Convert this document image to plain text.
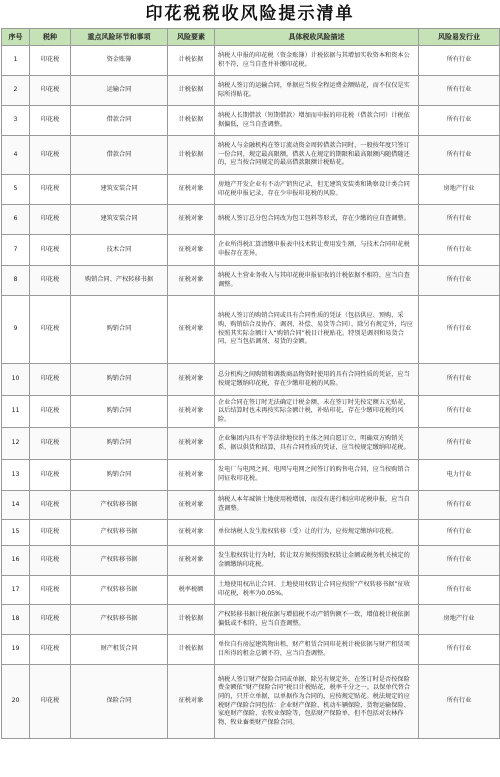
印花税税收风险提示清单
序号	税种	重点风险环节和事项	风险要素	具体税收风险描述	风险易发行业
1	印花税	资金账簿	计税依据	纳税人申报的印花税（资金账簿）计税依据与其增加实收资本和资本公积不符，应当自查并补缴印花税。	所有行业
2	印花税	运输合同	计税依据	纳税人签订的运输合同，单据应当按全程运费金额贴花，而不仅仅是实际所得贴花。	所有行业
3	印花税	借款合同	计税依据	纳税人长期借款（短期借款）增加而申报的印花税（借款合同）计税依据偏低，应当自查调整。	所有行业
4	印花税	借款合同	计税依据	纳税人与金融机构在签订流动资金周转借款合同时，一般按年度只签订一份合同，规定最高限额，借款人在规定的期限和最高限额内随借随还的，应当按合同规定的最高借款限额计税贴花。	所有行业
5	印花税	建筑安装合同	征税对象	房地产开发企业有不动产销售记录，但无建筑安装类和勘察设计类合同印花税申报记录，存在少申报印花税的风险。	房地产行业
6	印花税	建筑安装合同	征税对象	纳税人签订总分包合同改为包工包料等形式，存在少缴的应自查调整。	所有行业
7	印花税	技术合同	征税对象	企业所得税汇算清缴申报表中技术转让费用发生额，与技术合同印花税申报存在差异。	所有行业
8	印花税	购销合同、产权转移书据	征税对象	纳税人主营业务收入与其印花税申报征收的计税依据不相符，应当自查调整。	所有行业
9	印花税	购销合同	征税对象	纳税人签订的购销合同或具有合同性质的凭证（包括供应、预购、采购、购销结合及协作、调剂、补偿、易货等合同），除另有规定外，均应按照其实际金额计入“购销合同”税目计税贴花。特别是调剂和易货合同，应当包括调剂、易货的金额。	所有行业
10	印花税	购销合同	征税对象	总分机构之间购销和调拨商品物资时使用的具有合同性质的凭证，应当按规定缴纳印花税，存在少缴印花税的风险。	所有行业
11	印花税	购销合同	征税对象	企业合同在签订时无法确定计税金额，未在签订时先按定额五元贴花，以后结算时也未再按实际金额计税，补贴印花，存在少缴印花税的风险。	所有行业
12	印花税	购销合同	征税对象	企业集团内具有平等法律地位的主体之间自愿订立，明确双方购销关系、据以供货和结算，具有合同性质的凭证，应当按规定缴纳印花税。	所有行业
13	印花税	购销合同	征税对象	发电厂与电网之间、电网与电网之间签订的购售电合同，应当按购销合同征收印花税。	电力行业
14	印花税	产权转移书据	征税对象	纳税人本年城镇土地使用税增加，而没有进行相应印花税申报，应当自查调整。	所有行业
15	印花税	产权转移书据	征税对象	单位纳税人发生股权转移（受）让的行为，应按规定缴纳印花税。	所有行业
16	印花税	产权转移书据	征税对象	发生股权转让行为时，转让双方须按照股权转让金额或税务机关核定的金额缴纳印花税。	所有行业
17	印花税	产权转移书据	税率税额	土地使用权出让合同、土地使用权转让合同应按照“产权转移书据”征收印花税，税率为0.05%。	所有行业
18	印花税	产权转移书据	计税依据	产权转移书据计税依据与增值税不动产销售额不一致，增值税计税依据偏低或不相符，应当自查调整。	房地产行业
19	印花税	财产租赁合同	计税依据	单位自有房屋建筑物出租，财产租赁合同印花税计税依据与财产租赁项目所得的租金总额不符，应当自查调整。	所有行业
20	印花税	保险合同	征税对象	纳税人签订财产保险合同或单据，除另有规定外，在签订时是否按保险费金额依“财产保险合同”税目计税贴花，税率千分之一。以保单代替合同的，只开立单据，以单据作为合同的，应按规定贴花。税法规定的应税财产保险合同包括：企业财产保险、机动车辆保险、货物运输保险、家庭财产保险、农牧业保险等，包括财产保险单，但不包括对农林作物、牧业畜类财产保险合同。	所有行业
